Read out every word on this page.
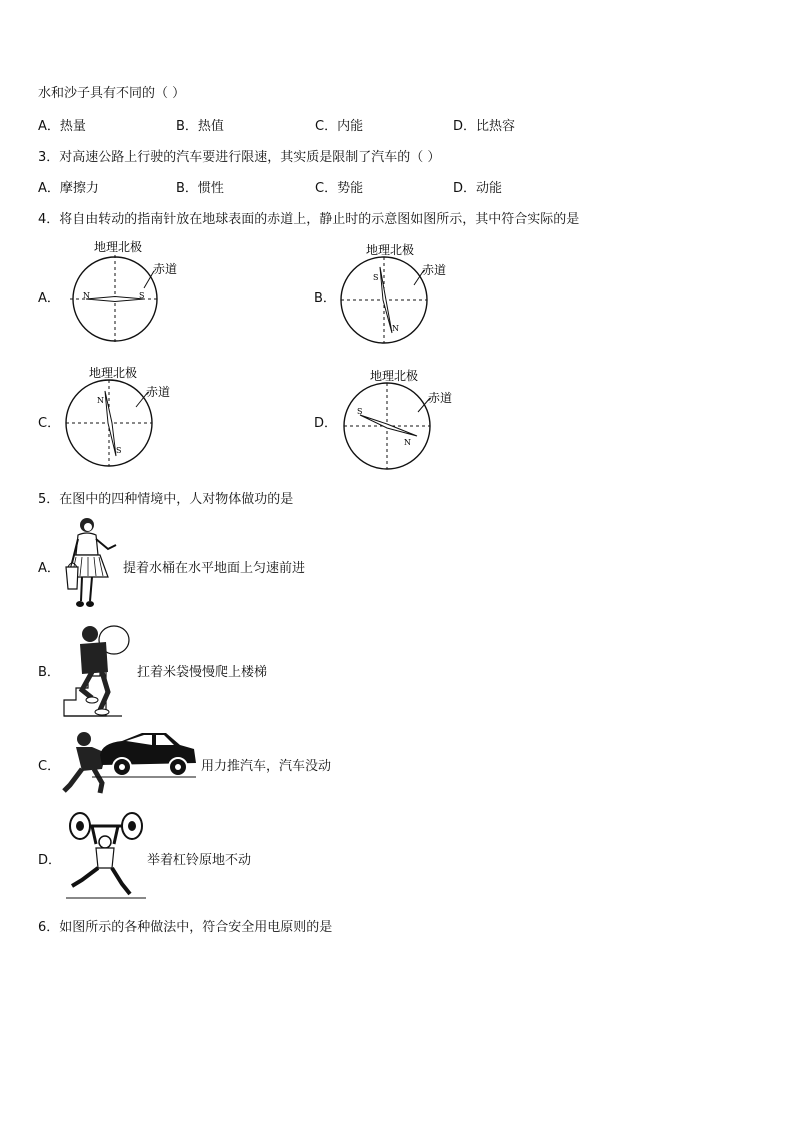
水和沙子具有不同的（ ）
A．热量	B．热值	C．内能	D．比热容
3．对高速公路上行驶的汽车要进行限速，其实质是限制了汽车的（ ）
A．摩擦力	B．惯性	C．势能	D．动能
4．将自由转动的指南针放在地球表面的赤道上，静止时的示意图如图所示，其中符合实际的是
A．
地理北极
N	S
赤道
B．
地理北极
S
N
赤道
C．
地理北极
N
S
赤道
D．
地理北极
S
N
赤道
5．在图中的四种情境中，人对物体做功的是
A．	提着水桶在水平地面上匀速前进
B．	扛着米袋慢慢爬上楼梯
C．	用力推汽车，汽车没动
D．	举着杠铃原地不动
6．如图所示的各种做法中，符合安全用电原则的是
